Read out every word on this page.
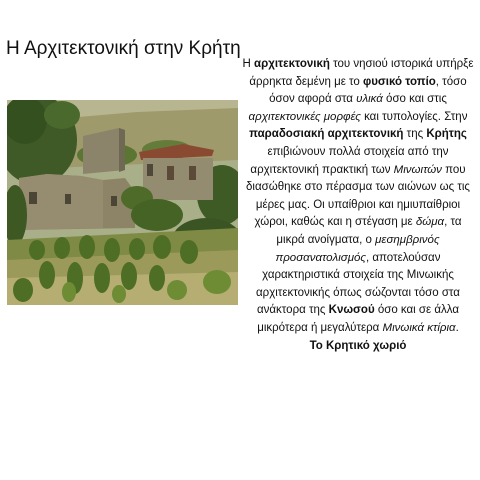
Η Αρχιτεκτονική στην Κρήτη
Η αρχιτεκτονική του νησιού ιστορικά υπήρξε άρρηκτα δεμένη με το φυσικό τοπίο, τόσο όσον αφορά στα υλικά όσο και στις αρχιτεκτονικές μορφές και τυπολογίες. Στην παραδοσιακή αρχιτεκτονική της Κρήτης επιβιώνουν πολλά στοιχεία από την αρχιτεκτονική πρακτική των Μινωιτών που διασώθηκε στο πέρασμα των αιώνων ως τις μέρες μας. Οι υπαίθριοι και ημιυπαίθριοι χώροι, καθώς και η στέγαση με δώμα, τα μικρά ανοίγματα, ο μεσημβρινός προσανατολισμός, αποτελούσαν χαρακτηριστικά στοιχεία της Μινωικής αρχιτεκτονικής όπως σώζονται τόσο στα ανάκτορα της Κνωσού όσο και σε άλλα μικρότερα ή μεγαλύτερα Μινωικά κτίρια.
Το Κρητικό χωριό
